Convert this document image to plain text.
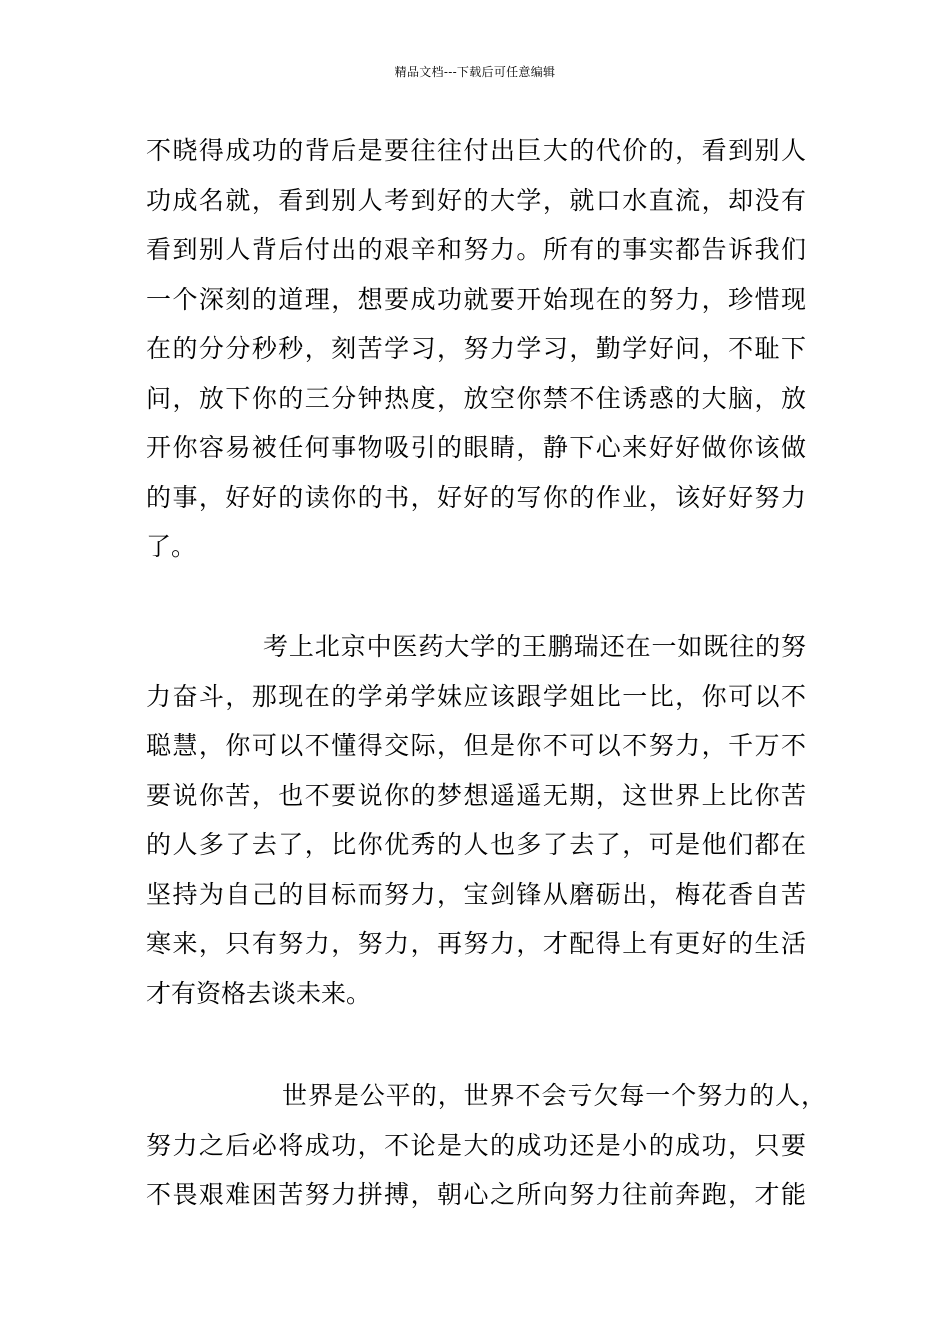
精品文档---下载后可任意编辑
不晓得成功的背后是要往往付出巨大的代价的，看到别人
功成名就，看到别人考到好的大学，就口水直流，却没有
看到别人背后付出的艰辛和努力。所有的事实都告诉我们
一个深刻的道理，想要成功就要开始现在的努力，珍惜现
在的分分秒秒，刻苦学习，努力学习，勤学好问，不耻下
问，放下你的三分钟热度，放空你禁不住诱惑的大脑，放
开你容易被任何事物吸引的眼睛，静下心来好好做你该做
的事，好好的读你的书，好好的写你的作业，该好好努力
了。
考上北京中医药大学的王鹏瑞还在一如既往的努
力奋斗，那现在的学弟学妹应该跟学姐比一比，你可以不
聪慧，你可以不懂得交际，但是你不可以不努力，千万不
要说你苦，也不要说你的梦想遥遥无期，这世界上比你苦
的人多了去了，比你优秀的人也多了去了，可是他们都在
坚持为自己的目标而努力，宝剑锋从磨砺出，梅花香自苦
寒来，只有努力，努力，再努力，才配得上有更好的生活
才有资格去谈未来。
世界是公平的，世界不会亏欠每一个努力的人，
努力之后必将成功，不论是大的成功还是小的成功，只要
不畏艰难困苦努力拼搏，朝心之所向努力往前奔跑，才能
